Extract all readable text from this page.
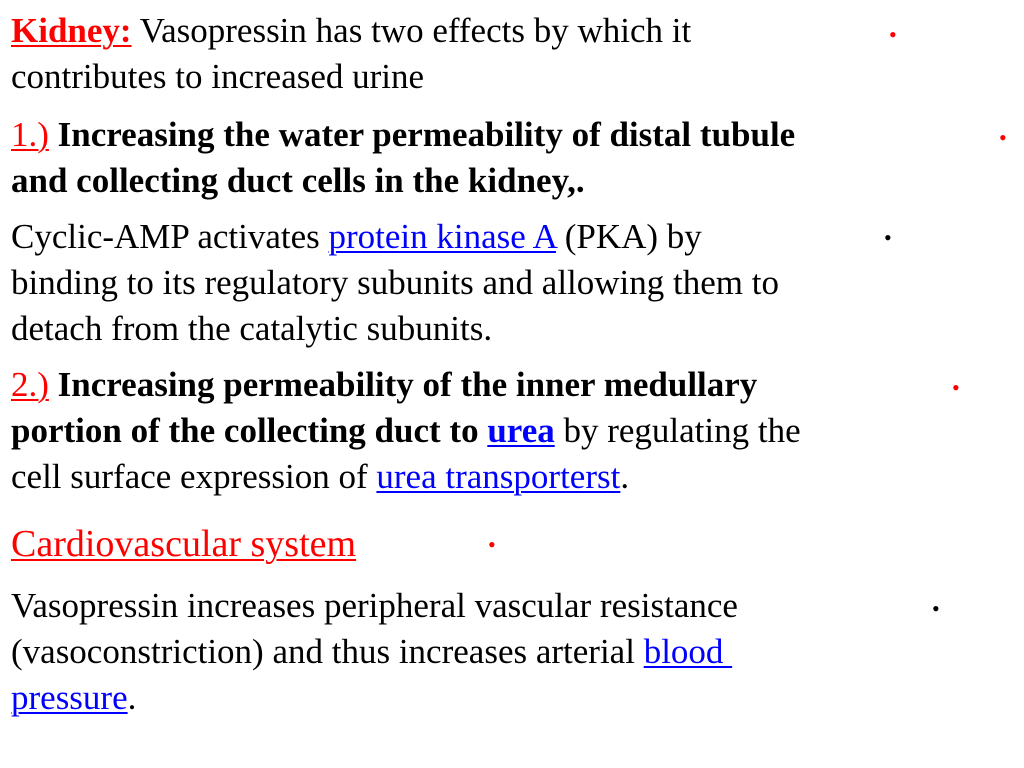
Kidney: Vasopressin has two effects by which it
contributes to increased urine

•

1.) Increasing the water permeability of distal tubule
and collecting duct cells in the kidney,.

•

Cyclic-AMP activates protein kinase A (PKA) by
binding to its regulatory subunits and allowing them to
detach from the catalytic subunits.

•

2.) Increasing permeability of the inner medullary
portion of the collecting duct to urea by regulating the
cell surface expression of urea transporterst.

•

Cardiovascular system	•

Vasopressin increases peripheral vascular resistance
(vasoconstriction) and thus increases arterial blood
pressure.

•
